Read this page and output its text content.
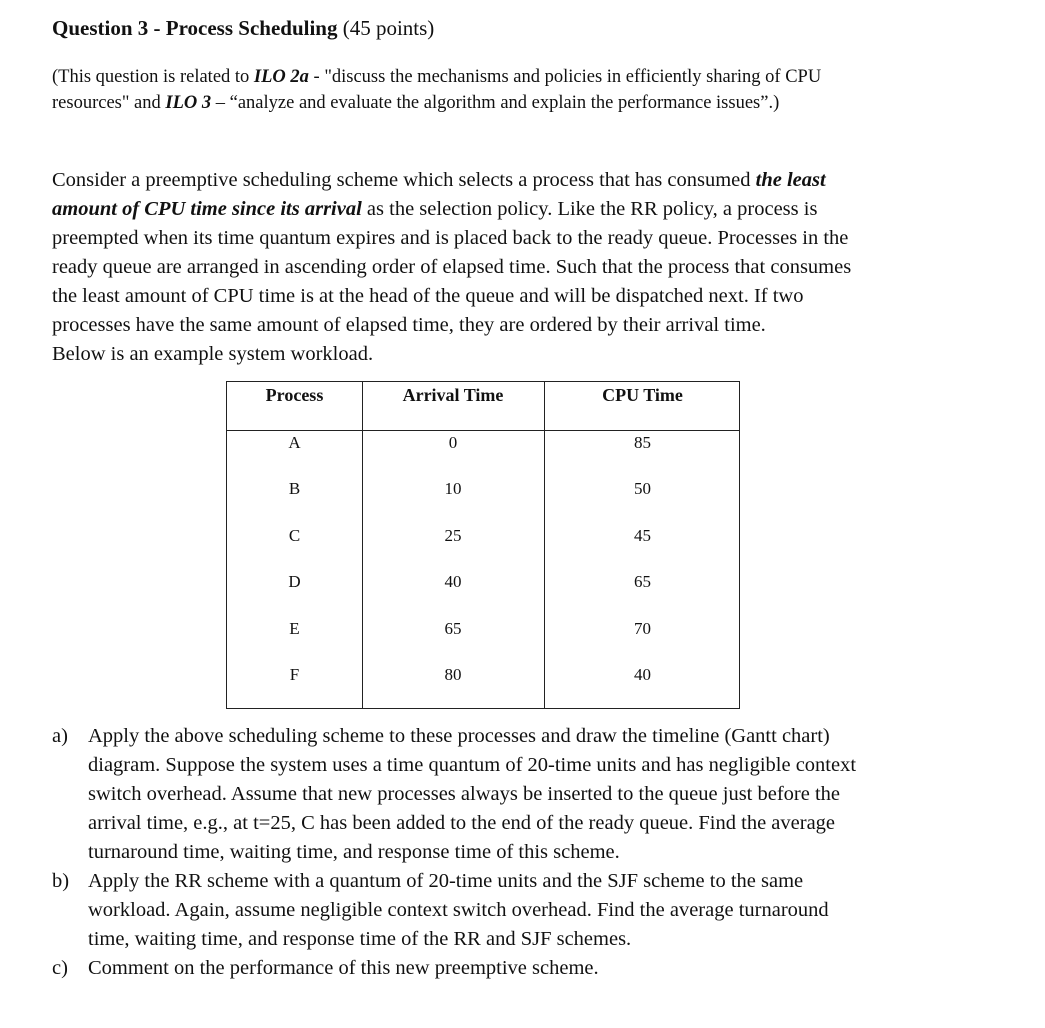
Question 3 - Process Scheduling (45 points)
(This question is related to ILO 2a - "discuss the mechanisms and policies in efficiently sharing of CPU
resources" and ILO 3 – “analyze and evaluate the algorithm and explain the performance issues”.)
Consider a preemptive scheduling scheme which selects a process that has consumed the least
amount of CPU time since its arrival as the selection policy. Like the RR policy, a process is
preempted when its time quantum expires and is placed back to the ready queue. Processes in the
ready queue are arranged in ascending order of elapsed time. Such that the process that consumes
the least amount of CPU time is at the head of the queue and will be dispatched next. If two
processes have the same amount of elapsed time, they are ordered by their arrival time.
Below is an example system workload.
Process	Arrival Time	CPU Time
A	0	85
B	10	50
C	25	45
D	40	65
E	65	70
F	80	40
a) Apply the above scheduling scheme to these processes and draw the timeline (Gantt chart)
diagram. Suppose the system uses a time quantum of 20-time units and has negligible context
switch overhead. Assume that new processes always be inserted to the queue just before the
arrival time, e.g., at t=25, C has been added to the end of the ready queue. Find the average
turnaround time, waiting time, and response time of this scheme.
b) Apply the RR scheme with a quantum of 20-time units and the SJF scheme to the same
workload. Again, assume negligible context switch overhead. Find the average turnaround
time, waiting time, and response time of the RR and SJF schemes.
c) Comment on the performance of this new preemptive scheme.
